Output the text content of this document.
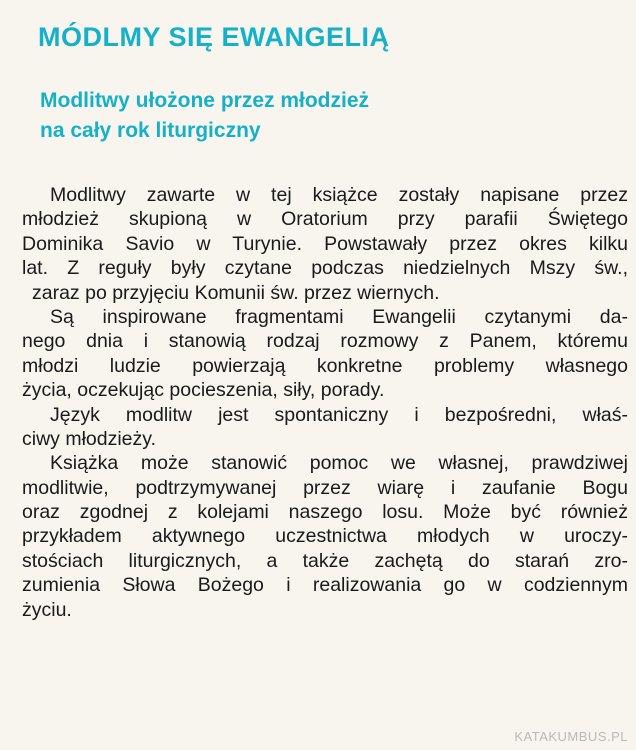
MÓDLMY SIĘ EWANGELIĄ
Modlitwy ułożone przez młodzież
na cały rok liturgiczny

Modlitwy zawarte w tej książce zostały napisane przez
młodzież skupioną w Oratorium przy parafii Świętego
Dominika Savio w Turynie. Powstawały przez okres kilku
lat. Z reguły były czytane podczas niedzielnych Mszy św.,
zaraz po przyjęciu Komunii św. przez wiernych.

Są inspirowane fragmentami Ewangelii czytanymi da-
nego dnia i stanowią rodzaj rozmowy z Panem, któremu
młodzi ludzie powierzają konkretne problemy własnego
życia, oczekując pocieszenia, siły, porady.

Język modlitw jest spontaniczny i bezpośredni, właś-
ciwy młodzieży.

Książka może stanowić pomoc we własnej, prawdziwej
modlitwie, podtrzymywanej przez wiarę i zaufanie Bogu
oraz zgodnej z kolejami naszego losu. Może być również
przykładem aktywnego uczestnictwa młodych w uroczy-
stościach liturgicznych, a także zachętą do starań zro-
zumienia Słowa Bożego i realizowania go w codziennym
życiu.

KATAKUMBUS.PL
